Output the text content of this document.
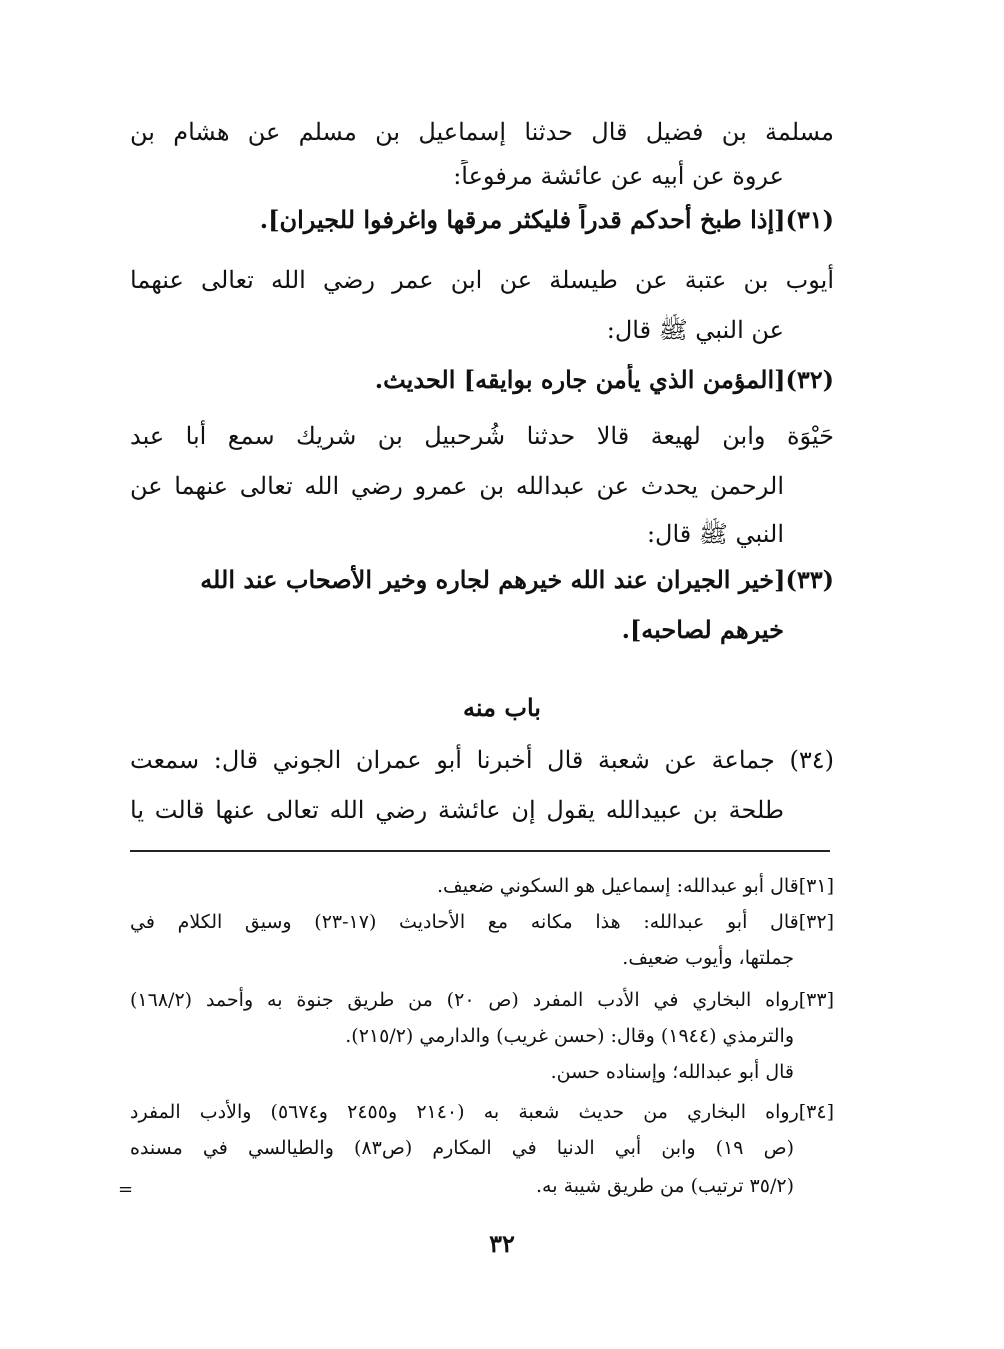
مسلمة بن فضيل قال حدثنا إسماعيل بن مسلم عن هشام بن
عروة عن أبيه عن عائشة مرفوعاً:
(٣١)[إذا طبخ أحدكم قدراً فليكثر مرقها واغرفوا للجيران].
أيوب بن عتبة عن طيسلة عن ابن عمر رضي الله تعالى عنهما
عن النبي ﷺ قال:
(٣٢)[المؤمن الذي يأمن جاره بوايقه] الحديث.
حَيْوَة وابن لهيعة قالا حدثنا شُرحبيل بن شريك سمع أبا عبد
الرحمن يحدث عن عبدالله بن عمرو رضي الله تعالى عنهما عن
النبي ﷺ قال:
(٣٣)[خير الجيران عند الله خيرهم لجاره وخير الأصحاب عند الله
خيرهم لصاحبه].
باب منه
(٣٤) جماعة عن شعبة قال أخبرنا أبو عمران الجوني قال: سمعت
طلحة بن عبيدالله يقول إن عائشة رضي الله تعالى عنها قالت يا
[٣١]قال أبو عبدالله: إسماعيل هو السكوني ضعيف.
[٣٢]قال أبو عبدالله: هذا مكانه مع الأحاديث (١٧-٢٣) وسيق الكلام في
جملتها، وأيوب ضعيف.
[٣٣]رواه البخاري في الأدب المفرد (ص ٢٠) من طريق جنوة به وأحمد (١٦٨/٢)
والترمذي (١٩٤٤) وقال: (حسن غريب) والدارمي (٢١٥/٢).
قال أبو عبدالله؛ وإسناده حسن.
[٣٤]رواه البخاري من حديث شعبة به (٢١٤٠ و٢٤٥٥ و٥٦٧٤) والأدب المفرد
(ص ١٩) وابن أبي الدنيا في المكارم (ص٨٣) والطيالسي في مسنده
(٣٥/٢ ترتيب) من طريق شيبة به.
=
٣٢
